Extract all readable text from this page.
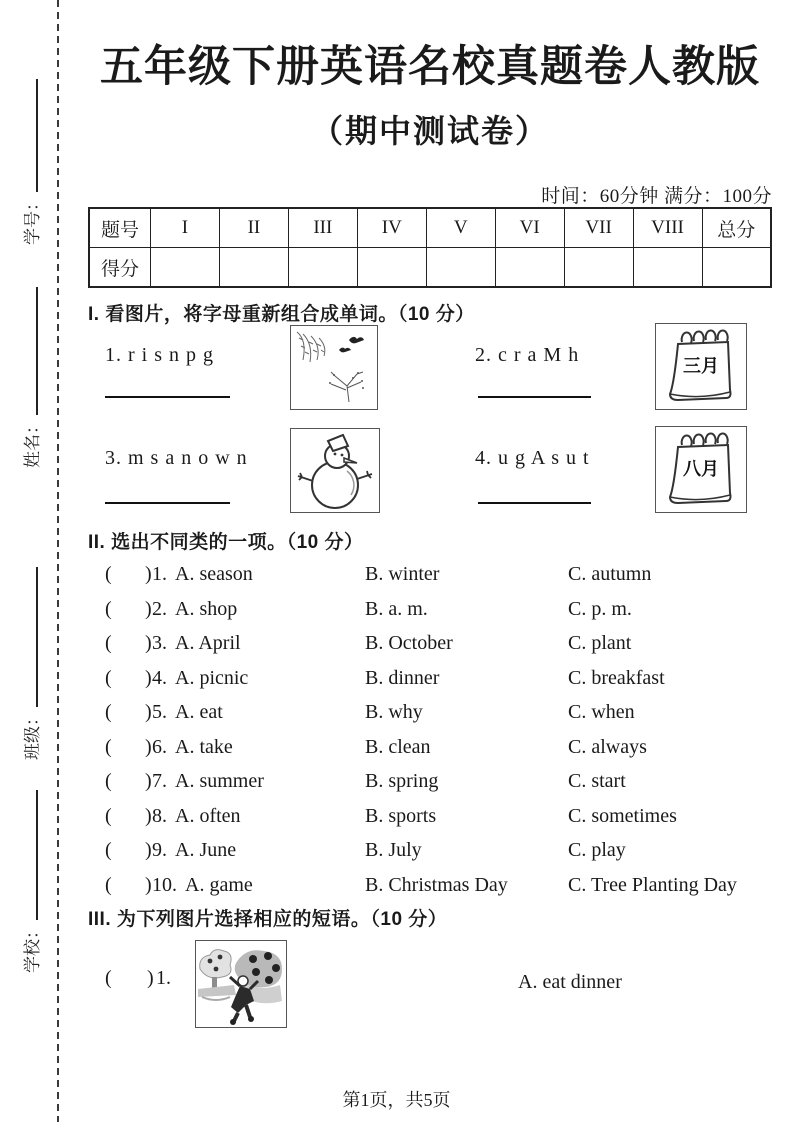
学号：
姓名：
班级：
学校：
五年级下册英语名校真题卷人教版
（期中测试卷）
时间：60分钟 满分：100分
题号	I	II	III	IV	V	VI	VII	VIII	总分
得分									
I. 看图片，将字母重新组合成单词。（10 分）
1. r i s n p g	2. c r a M h	三月
3. m s a n o w n	4. u g A s u t	八月
II. 选出不同类的一项。（10 分）
( ) 1. A. season	B. winter	C. autumn
( ) 2. A. shop	B. a. m.	C. p. m.
( ) 3. A. April	B. October	C. plant
( ) 4. A. picnic	B. dinner	C. breakfast
( ) 5. A. eat	B. why	C. when
( ) 6. A. take	B. clean	C. always
( ) 7. A. summer	B. spring	C. start
( ) 8. A. often	B. sports	C. sometimes
( ) 9. A. June	B. July	C. play
( ) 10. A. game	B. Christmas Day	C. Tree Planting Day
III. 为下列图片选择相应的短语。（10 分）
( ) 1.	A. eat dinner
第1页，共5页
